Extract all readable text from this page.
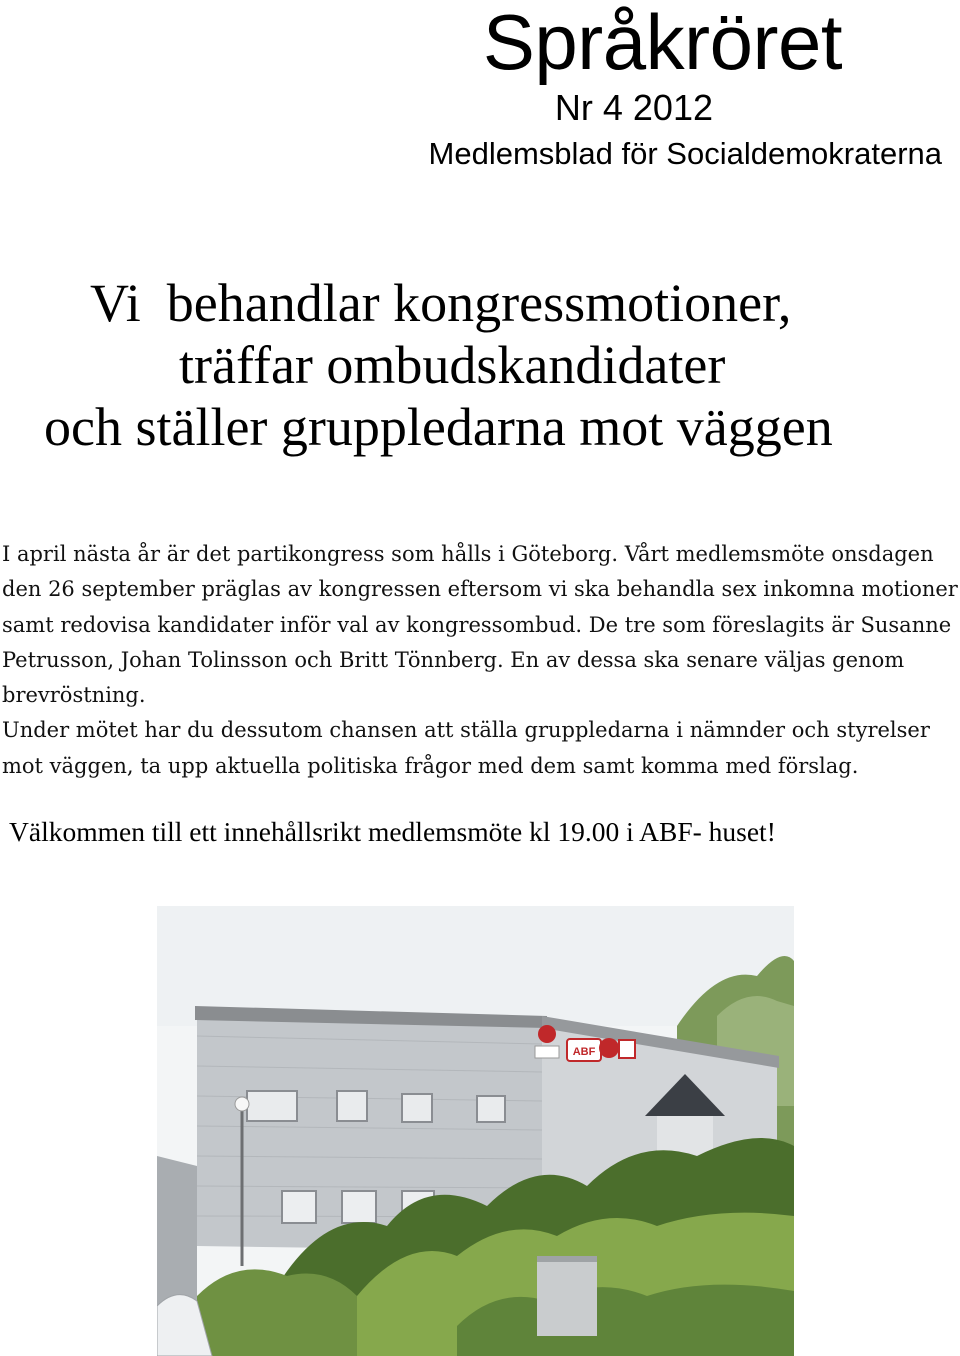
Språkröret
Nr 4 2012
Medlemsblad för Socialdemokraterna
Vi behandlar kongressmotioner,
träffar ombudskandidater
och ställer gruppledarna mot väggen

I april nästa år är det partikongress som hålls i Göteborg. Vårt medlemsmöte onsdagen den 26 september präglas av kongressen eftersom vi ska behandla sex inkomna motioner samt redovisa kandidater inför val av kongressombud. De tre som föreslagits är Susanne Petrusson, Johan Tolinsson och Britt Tönnberg. En av dessa ska senare väljas genom brevröstning.

Under mötet har du dessutom chansen att ställa gruppledarna i nämnder och styrelser mot väggen, ta upp aktuella politiska frågor med dem samt komma med förslag.

Välkommen till ett innehållsrikt medlemsmöte kl 19.00 i ABF- huset!
ABF
